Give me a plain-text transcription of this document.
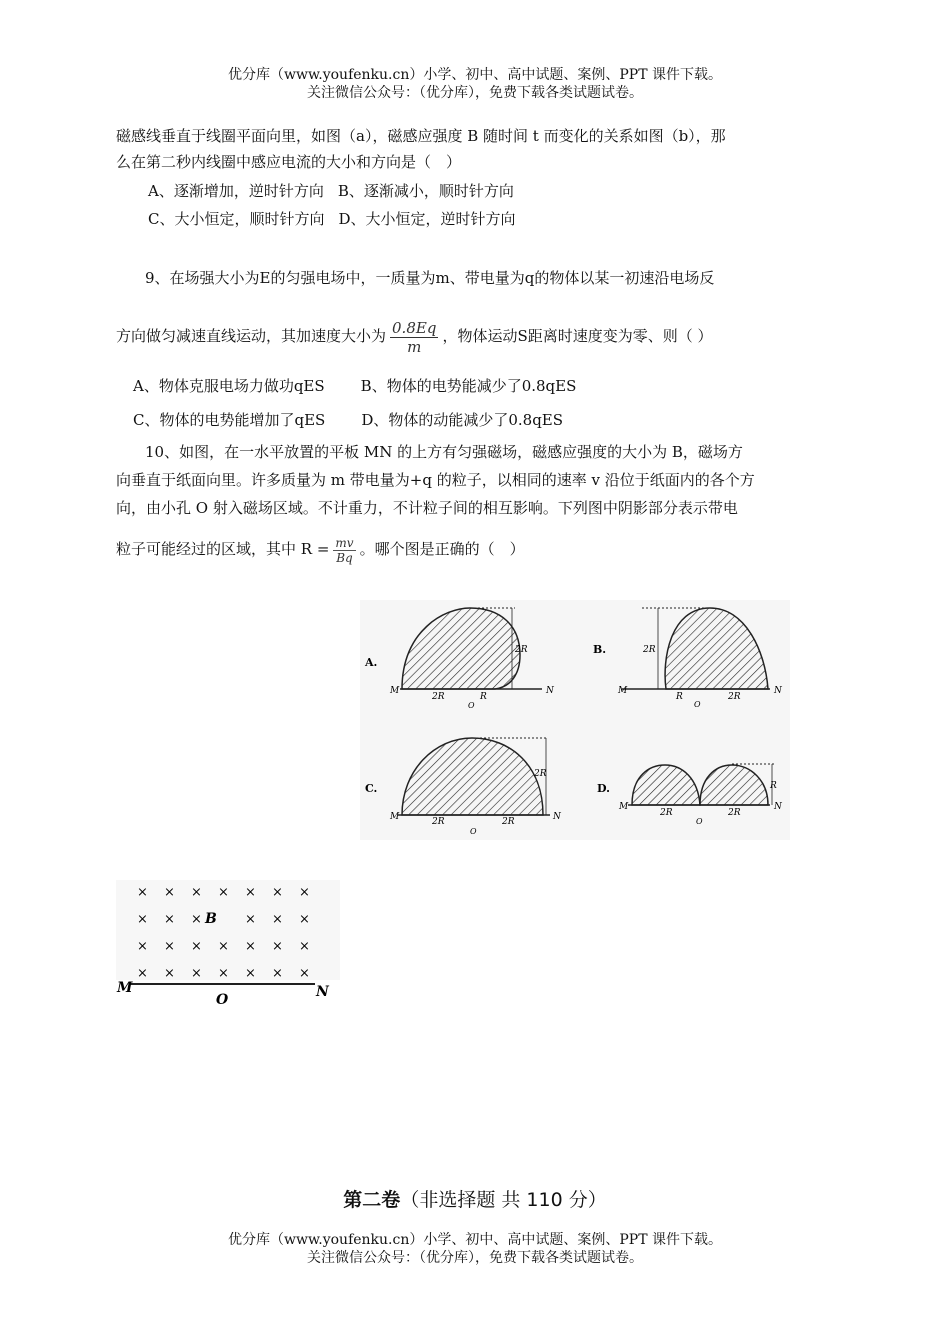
优分库（www.youfenku.cn）小学、初中、高中试题、案例、PPT 课件下载。
关注微信公众号：（优分库），免费下载各类试题试卷。
磁感线垂直于线圈平面向里，如图（a），磁感应强度 B 随时间 t 而变化的关系如图（b），那
么在第二秒内线圈中感应电流的大小和方向是（　）
A、逐渐增加，逆时针方向 B、逐渐减小，顺时针方向
C、大小恒定，顺时针方向 D、大小恒定，逆时针方向
9、在场强大小为E的匀强电场中，一质量为m、带电量为q的物体以某一初速沿电场反
方向做匀减速直线运动，其加速度大小为 $\frac{0.8Eq}{m}$ ，物体运动S距离时速度变为零、则（ ）
A、物体克服电场力做功qES B、物体的电势能减少了0.8qES
C、物体的电势能增加了qES D、物体的动能减少了0.8qES
10、如图，在一水平放置的平板 MN 的上方有匀强磁场，磁感应强度的大小为 B，磁场方
向垂直于纸面向里。许多质量为 m 带电量为+q 的粒子，以相同的速率 v 沿位于纸面内的各个方
向，由小孔 O 射入磁场区域。不计重力，不计粒子间的相互影响。下列图中阴影部分表示带电
粒子可能经过的区域，其中 $R = \frac{mv}{Bq}$ 。哪个图是正确的（　）
A.
2R
M	N
2R	R
O
B.	2R
M	N
R	2R
O
C.
2R
M	N
2R	2R
O
D.	R
M	N
2R	2R
O
× × × × × × ×
× × ×	× × ×
× × × × × × ×
× × × × × × ×
B
M	N
O
第二卷（非选择题 共 110 分）
优分库（www.youfenku.cn）小学、初中、高中试题、案例、PPT 课件下载。
关注微信公众号：（优分库），免费下载各类试题试卷。
